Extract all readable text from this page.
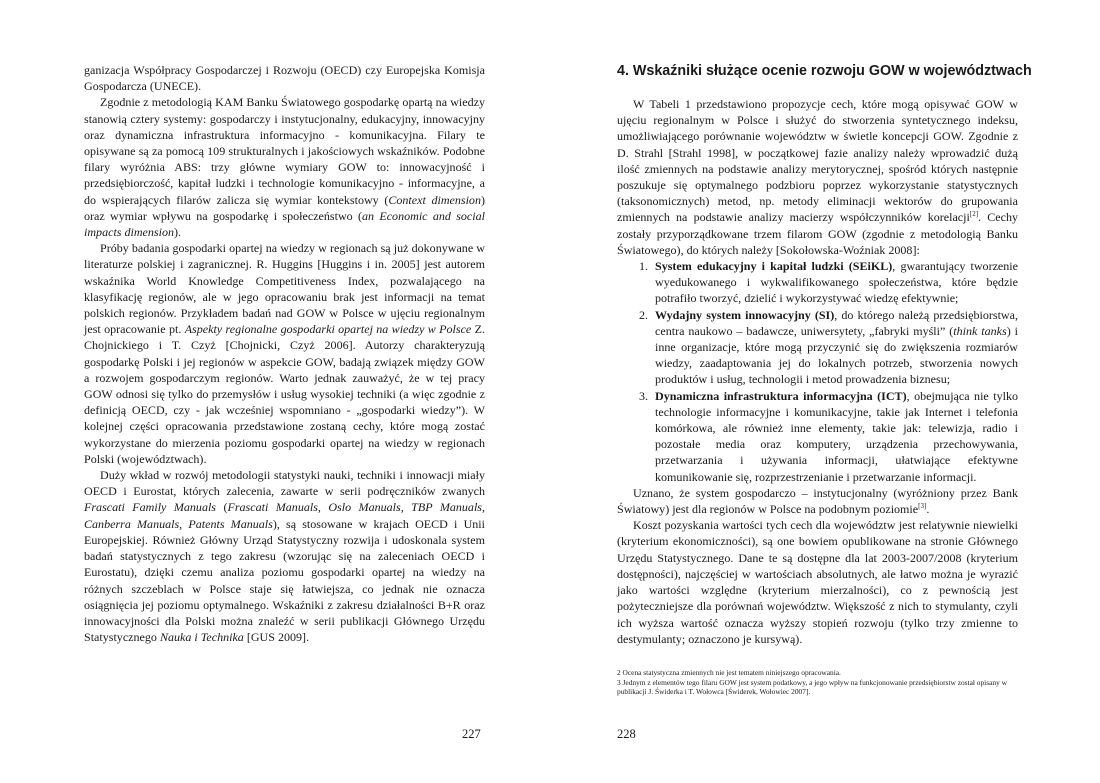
ganizacja Współpracy Gospodarczej i Rozwoju (OECD) czy Europejska Komisja Gospodarcza (UNECE).

Zgodnie z metodologią KAM Banku Światowego gospodarkę opartą na wiedzy stanowią cztery systemy: gospodarczy i instytucjonalny, edukacyjny, innowacyjny oraz dynamiczna infrastruktura informacyjno - komunikacyjna. Filary te opisywane są za pomocą 109 strukturalnych i jakościowych wskaźników. Podobne filary wyróżnia ABS: trzy główne wymiary GOW to: innowacyjność i przedsiębiorczość, kapitał ludzki i technologie komunikacyjno - informacyjne, a do wspierających filarów zalicza się wymiar kontekstowy (Context dimension) oraz wymiar wpływu na gospodarkę i społeczeństwo (an Economic and social impacts dimension).

Próby badania gospodarki opartej na wiedzy w regionach są już dokonywane w literaturze polskiej i zagranicznej. R. Huggins [Huggins i in. 2005] jest autorem wskaźnika World Knowledge Competitiveness Index, pozwalającego na klasyfikację regionów, ale w jego opracowaniu brak jest informacji na temat polskich regionów. Przykładem badań nad GOW w Polsce w ujęciu regionalnym jest opracowanie pt. Aspekty regionalne gospodarki opartej na wiedzy w Polsce Z. Chojnickiego i T. Czyż [Chojnicki, Czyż 2006]. Autorzy charakteryzują gospodarkę Polski i jej regionów w aspekcie GOW, badają związek między GOW a rozwojem gospodarczym regionów. Warto jednak zauważyć, że w tej pracy GOW odnosi się tylko do przemysłów i usług wysokiej techniki (a więc zgodnie z definicją OECD, czy - jak wcześniej wspomniano - „gospodarki wiedzy”). W kolejnej części opracowania przedstawione zostaną cechy, które mogą zostać wykorzystane do mierzenia poziomu gospodarki opartej na wiedzy w regionach Polski (województwach).

Duży wkład w rozwój metodologii statystyki nauki, techniki i innowacji miały OECD i Eurostat, których zalecenia, zawarte w serii podręczników zwanych Frascati Family Manuals (Frascati Manuals, Oslo Manuals, TBP Manuals, Canberra Manuals, Patents Manuals), są stosowane w krajach OECD i Unii Europejskiej. Również Główny Urząd Statystyczny rozwija i udoskonala system badań statystycznych z tego zakresu (wzorując się na zaleceniach OECD i Eurostatu), dzięki czemu analiza poziomu gospodarki opartej na wiedzy na różnych szczeblach w Polsce staje się łatwiejsza, co jednak nie oznacza osiągnięcia jej poziomu optymalnego. Wskaźniki z zakresu działalności B+R oraz innowacyjności dla Polski można znaleźć w serii publikacji Głównego Urzędu Statystycznego Nauka i Technika [GUS 2009].

227
4. Wskaźniki służące ocenie rozwoju GOW w województwach

W Tabeli 1 przedstawiono propozycje cech, które mogą opisywać GOW w ujęciu regionalnym w Polsce i służyć do stworzenia syntetycznego indeksu, umożliwiającego porównanie województw w świetle koncepcji GOW. Zgodnie z D. Strahl [Strahl 1998], w początkowej fazie analizy należy wprowadzić dużą ilość zmiennych na podstawie analizy merytorycznej, spośród których następnie poszukuje się optymalnego podzbioru poprzez wykorzystanie statystycznych (taksonomicznych) metod, np. metody eliminacji wektorów do grupowania zmiennych na podstawie analizy macierzy współczynników korelacji[2]. Cechy zostały przyporządkowane trzem filarom GOW (zgodnie z metodologią Banku Światowego), do których należy [Sokołowska-Woźniak 2008]:

1. System edukacyjny i kapitał ludzki (SEiKL), gwarantujący tworzenie wyedukowanego i wykwalifikowanego społeczeństwa, które będzie potrafiło tworzyć, dzielić i wykorzystywać wiedzę efektywnie;
2. Wydajny system innowacyjny (SI), do którego należą przedsiębiorstwa, centra naukowo – badawcze, uniwersytety, „fabryki myśli” (think tanks) i inne organizacje, które mogą przyczynić się do zwiększenia rozmiarów wiedzy, zaadaptowania jej do lokalnych potrzeb, stworzenia nowych produktów i usług, technologii i metod prowadzenia biznesu;
3. Dynamiczna infrastruktura informacyjna (ICT), obejmująca nie tylko technologie informacyjne i komunikacyjne, takie jak Internet i telefonia komórkowa, ale również inne elementy, takie jak: telewizja, radio i pozostałe media oraz komputery, urządzenia przechowywania, przetwarzania i używania informacji, ułatwiające efektywne komunikowanie się, rozprzestrzenianie i przetwarzanie informacji.

Uznano, że system gospodarczo – instytucjonalny (wyróżniony przez Bank Światowy) jest dla regionów w Polsce na podobnym poziomie[3].

Koszt pozyskania wartości tych cech dla województw jest relatywnie niewielki (kryterium ekonomiczności), są one bowiem opublikowane na stronie Głównego Urzędu Statystycznego. Dane te są dostępne dla lat 2003-2007/2008 (kryterium dostępności), najczęściej w wartościach absolutnych, ale łatwo można je wyrazić jako wartości względne (kryterium mierzalności), co z pewnością jest pożyteczniejsze dla porównań województw. Większość z nich to stymulanty, czyli ich wyższa wartość oznacza wyższy stopień rozwoju (tylko trzy zmienne to destymulanty; oznaczono je kursywą).

2 Ocena statystyczna zmiennych nie jest tematem niniejszego opracowania.

3 Jednym z elementów tego filaru GOW jest system podatkowy, a jego wpływ na funkcjonowanie przedsiębiorstw został opisany w publikacji J. Świderka i T. Wołowca [Świderek, Wołowiec 2007].

228
